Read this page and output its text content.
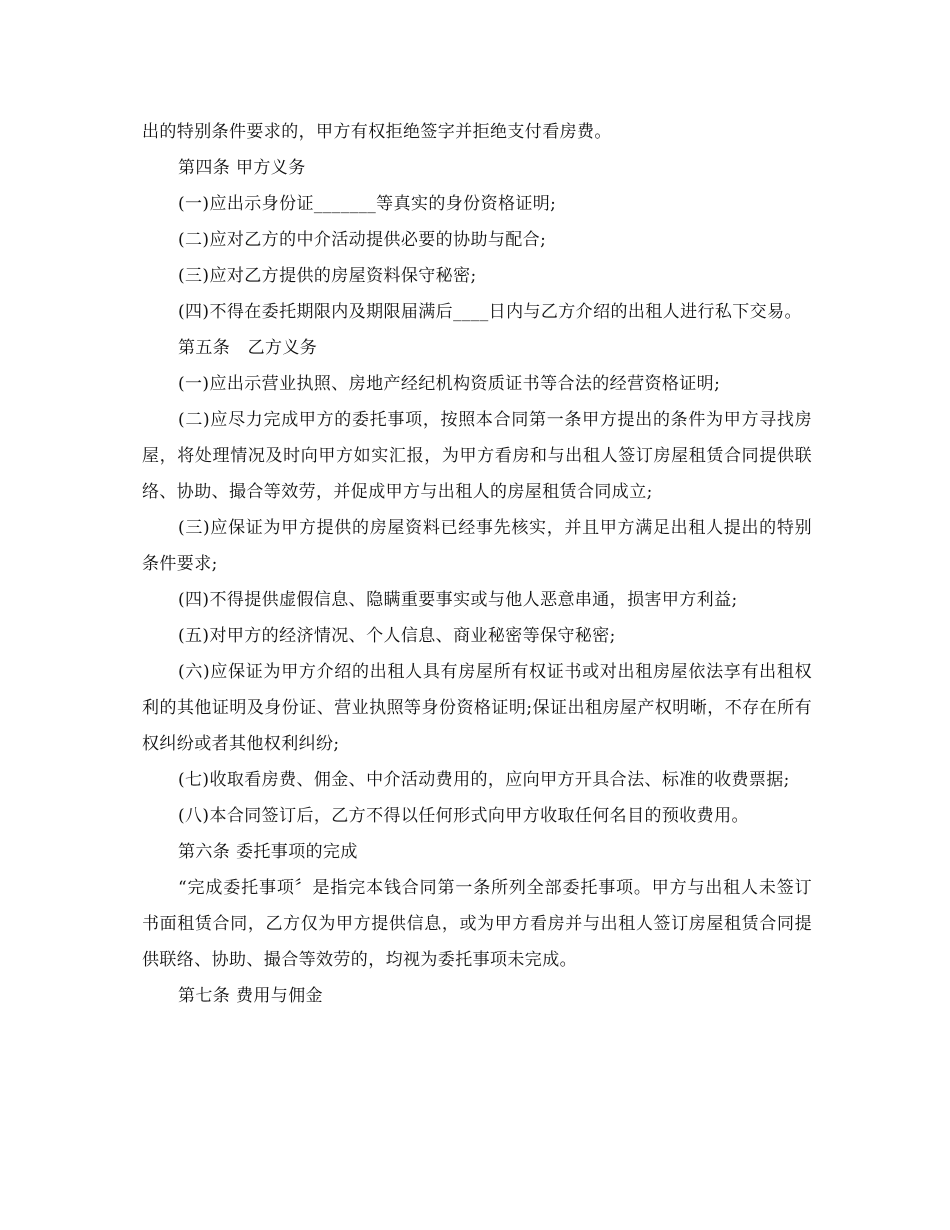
出的特别条件要求的，甲方有权拒绝签字并拒绝支付看房费。

第四条 甲方义务

(一)应出示身份证_______等真实的身份资格证明;

(二)应对乙方的中介活动提供必要的协助与配合;

(三)应对乙方提供的房屋资料保守秘密;

(四)不得在委托期限内及期限届满后____日内与乙方介绍的出租人进行私下交易。

第五条　乙方义务

(一)应出示营业执照、房地产经纪机构资质证书等合法的经营资格证明;

(二)应尽力完成甲方的委托事项，按照本合同第一条甲方提出的条件为甲方寻找房屋，将处理情况及时向甲方如实汇报，为甲方看房和与出租人签订房屋租赁合同提供联络、协助、撮合等效劳，并促成甲方与出租人的房屋租赁合同成立;

(三)应保证为甲方提供的房屋资料已经事先核实，并且甲方满足出租人提出的特别条件要求;

(四)不得提供虚假信息、隐瞒重要事实或与他人恶意串通，损害甲方利益;

(五)对甲方的经济情况、个人信息、商业秘密等保守秘密;

(六)应保证为甲方介绍的出租人具有房屋所有权证书或对出租房屋依法享有出租权利的其他证明及身份证、营业执照等身份资格证明;保证出租房屋产权明晰，不存在所有权纠纷或者其他权利纠纷;

(七)收取看房费、佣金、中介活动费用的，应向甲方开具合法、标准的收费票据;

(八)本合同签订后，乙方不得以任何形式向甲方收取任何名目的预收费用。

第六条 委托事项的完成

“完成委托事项〞是指完本钱合同第一条所列全部委托事项。甲方与出租人未签订书面租赁合同，乙方仅为甲方提供信息，或为甲方看房并与出租人签订房屋租赁合同提供联络、协助、撮合等效劳的，均视为委托事项未完成。

第七条 费用与佣金
